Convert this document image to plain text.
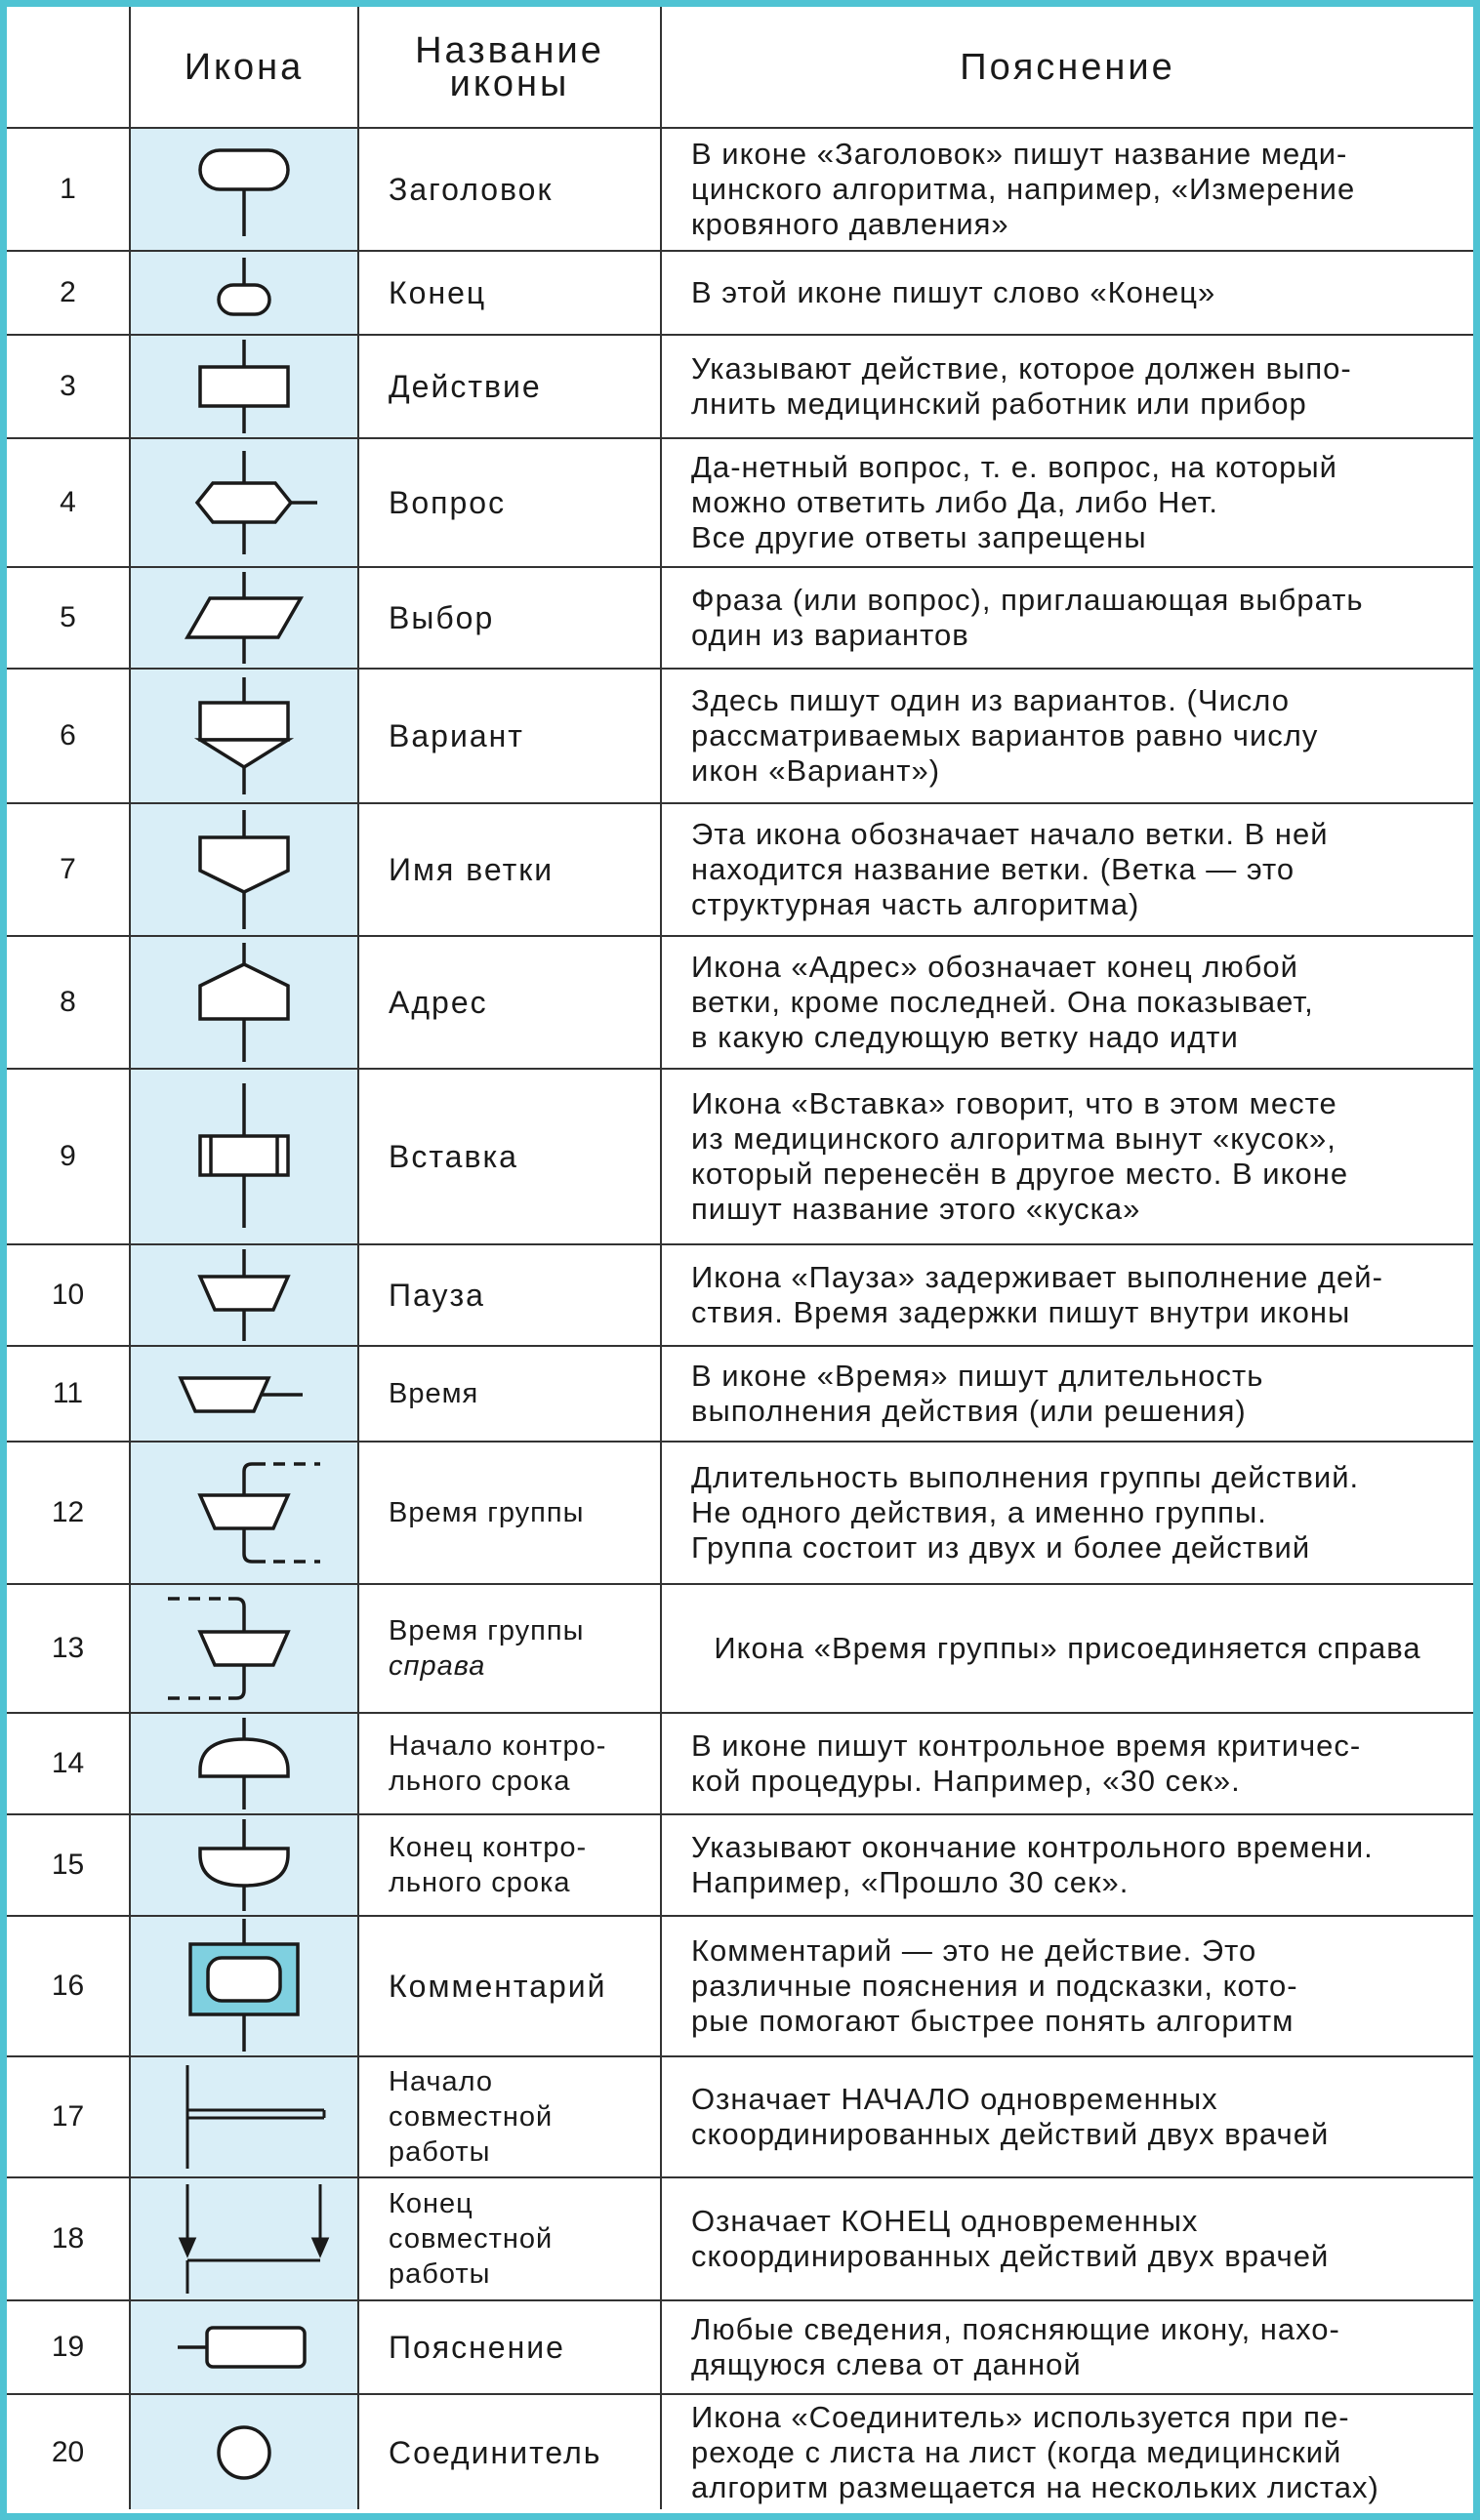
	Икона	Название иконы	Пояснение
1		Заголовок	В иконе «Заголовок» пишут название меди-
цинского алгоритма, например, «Измерение
кровяного давления»
2		Конец	В этой иконе пишут слово «Конец»
3		Действие	Указывают действие, которое должен выпо-
лнить медицинский работник или прибор
4		Вопрос	Да-нетный вопрос, т. е. вопрос, на который
можно ответить либо Да, либо Нет.
Все другие ответы запрещены
5		Выбор	Фраза (или вопрос), приглашающая выбрать
один из вариантов
6		Вариант	Здесь пишут один из вариантов. (Число
рассматриваемых вариантов равно числу
икон «Вариант»)
7		Имя ветки	Эта икона обозначает начало ветки. В ней
находится название ветки. (Ветка — это
структурная часть алгоритма)
8		Адрес	Икона «Адрес» обозначает конец любой
ветки, кроме последней. Она показывает,
в какую следующую ветку надо идти
9		Вставка	Икона «Вставка» говорит, что в этом месте
из медицинского алгоритма вынут «кусок»,
который перенесён в другое место. В иконе
пишут название этого «куска»
10		Пауза	Икона «Пауза» задерживает выполнение дей-
ствия. Время задержки пишут внутри иконы
11		Время	В иконе «Время» пишут длительность
выполнения действия (или решения)
12		Время группы	Длительность выполнения группы действий.
Не одного действия, а именно группы.
Группа состоит из двух и более действий
13		Время группы
справа	Икона «Время группы» присоединяется справа
14		Начало контро-
льного срока	В иконе пишут контрольное время критичес-
кой процедуры. Например, «30 сек».
15		Конец контро-
льного срока	Указывают окончание контрольного времени.
Например, «Прошло 30 сек».
16		Комментарий	Комментарий — это не действие. Это
различные пояснения и подсказки, кото-
рые помогают быстрее понять алгоритм
17		Начало
совместной
работы	Означает НАЧАЛО одновременных
скоординированных действий двух врачей
18		Конец
совместной
работы	Означает КОНЕЦ одновременных
скоординированных действий двух врачей
19		Пояснение	Любые сведения, поясняющие икону, нахо-
дящуюся слева от данной
20		Соединитель	Икона «Соединитель» используется при пе-
реходе с листа на лист (когда медицинский
алгоритм размещается на нескольких листах)
